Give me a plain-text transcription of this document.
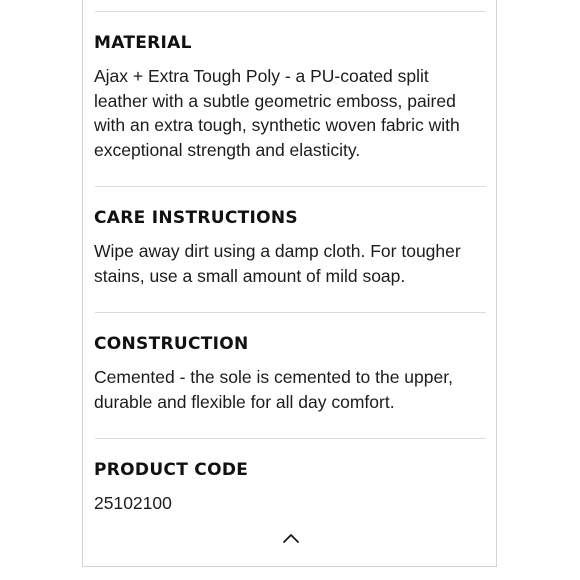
MATERIAL

Ajax + Extra Tough Poly - a PU-coated split
leather with a subtle geometric emboss, paired
with an extra tough, synthetic woven fabric with
exceptional strength and elasticity.

CARE INSTRUCTIONS

Wipe away dirt using a damp cloth. For tougher
stains, use a small amount of mild soap.

CONSTRUCTION

Cemented - the sole is cemented to the upper,
durable and flexible for all day comfort.

PRODUCT CODE

25102100
